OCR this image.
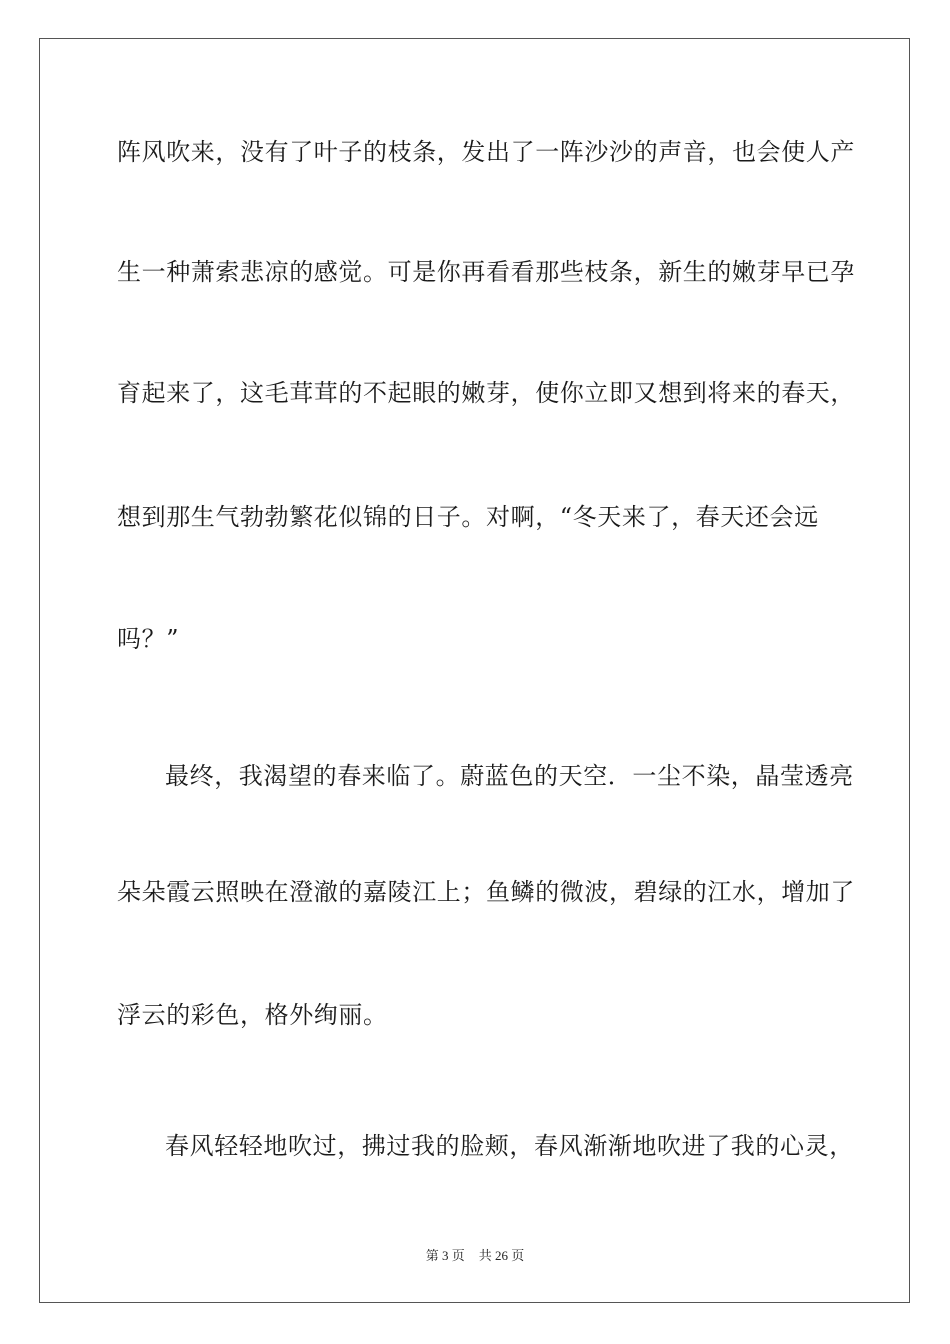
阵风吹来，没有了叶子的枝条，发出了一阵沙沙的声音，也会使人产
生一种萧索悲凉的感觉。可是你再看看那些枝条，新生的嫩芽早已孕
育起来了，这毛茸茸的不起眼的嫩芽，使你立即又想到将来的春天，
想到那生气勃勃繁花似锦的日子。对啊，“冬天来了，春天还会远
吗？”
最终，我渴望的春来临了。蔚蓝色的天空．一尘不染，晶莹透亮
朵朵霞云照映在澄澈的嘉陵江上；鱼鳞的微波，碧绿的江水，增加了
浮云的彩色，格外绚丽。
春风轻轻地吹过，拂过我的脸颊，春风渐渐地吹进了我的心灵，
第 3 页 共 26 页
